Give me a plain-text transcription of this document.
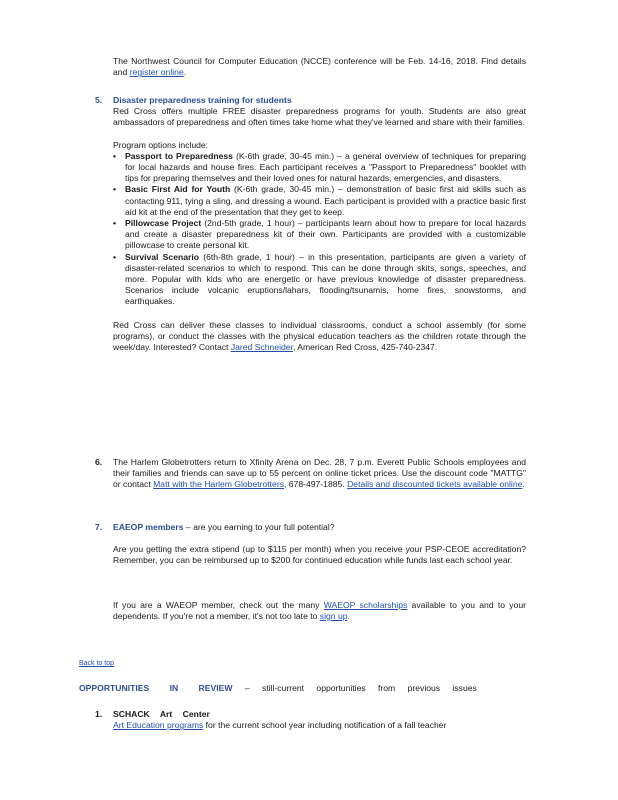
The Northwest Council for Computer Education (NCCE) conference will be Feb. 14-16, 2018. Find details and register online.

5. Disaster preparedness training for students

Red Cross offers multiple FREE disaster preparedness programs for youth. Students are also great ambassadors of preparedness and often times take home what they've learned and share with their families.

Program options include:

• Passport to Preparedness (K-6th grade, 30-45 min.) – a general overview of techniques for preparing for local hazards and house fires. Each participant receives a "Passport to Preparedness" booklet with tips for preparing themselves and their loved ones for natural hazards, emergencies, and disasters.
• Basic First Aid for Youth (K-6th grade, 30-45 min.) – demonstration of basic first aid skills such as contacting 911, tying a sling, and dressing a wound. Each participant is provided with a practice basic first aid kit at the end of the presentation that they get to keep.
• Pillowcase Project (2nd-5th grade, 1 hour) – participants learn about how to prepare for local hazards and create a disaster preparedness kit of their own. Participants are provided with a customizable pillowcase to create personal kit.
• Survival Scenario (6th-8th grade, 1 hour) – in this presentation, participants are given a variety of disaster-related scenarios to which to respond. This can be done through skits, songs, speeches, and more. Popular with kids who are energetic or have previous knowledge of disaster preparedness. Scenarios include volcanic eruptions/lahars, flooding/tsunamis, home fires, snowstorms, and earthquakes.

Red Cross can deliver these classes to individual classrooms, conduct a school assembly (for some programs), or conduct the classes with the physical education teachers as the children rotate through the week/day. Interested? Contact Jared Schneider, American Red Cross, 425-740-2347.

6. The Harlem Globetrotters return to Xfinity Arena on Dec. 28, 7 p.m. Everett Public Schools employees and their families and friends can save up to 55 percent on online ticket prices. Use the discount code "MATTG" or contact Matt with the Harlem Globetrotters, 678-497-1885. Details and discounted tickets available online.

7. EAEOP members – are you earning to your full potential?

Are you getting the extra stipend (up to $115 per month) when you receive your PSP-CEOE accreditation? Remember, you can be reimbursed up to $200 for continued education while funds last each school year.

If you are a WAEOP member, check out the many WAEOP scholarships available to you and to your dependents. If you're not a member, it's not too late to sign up.

Back to top

OPPORTUNITIES IN REVIEW – still-current opportunities from previous issues

1. SCHACK Art Center

Art Education programs for the current school year including notification of a fall teacher
